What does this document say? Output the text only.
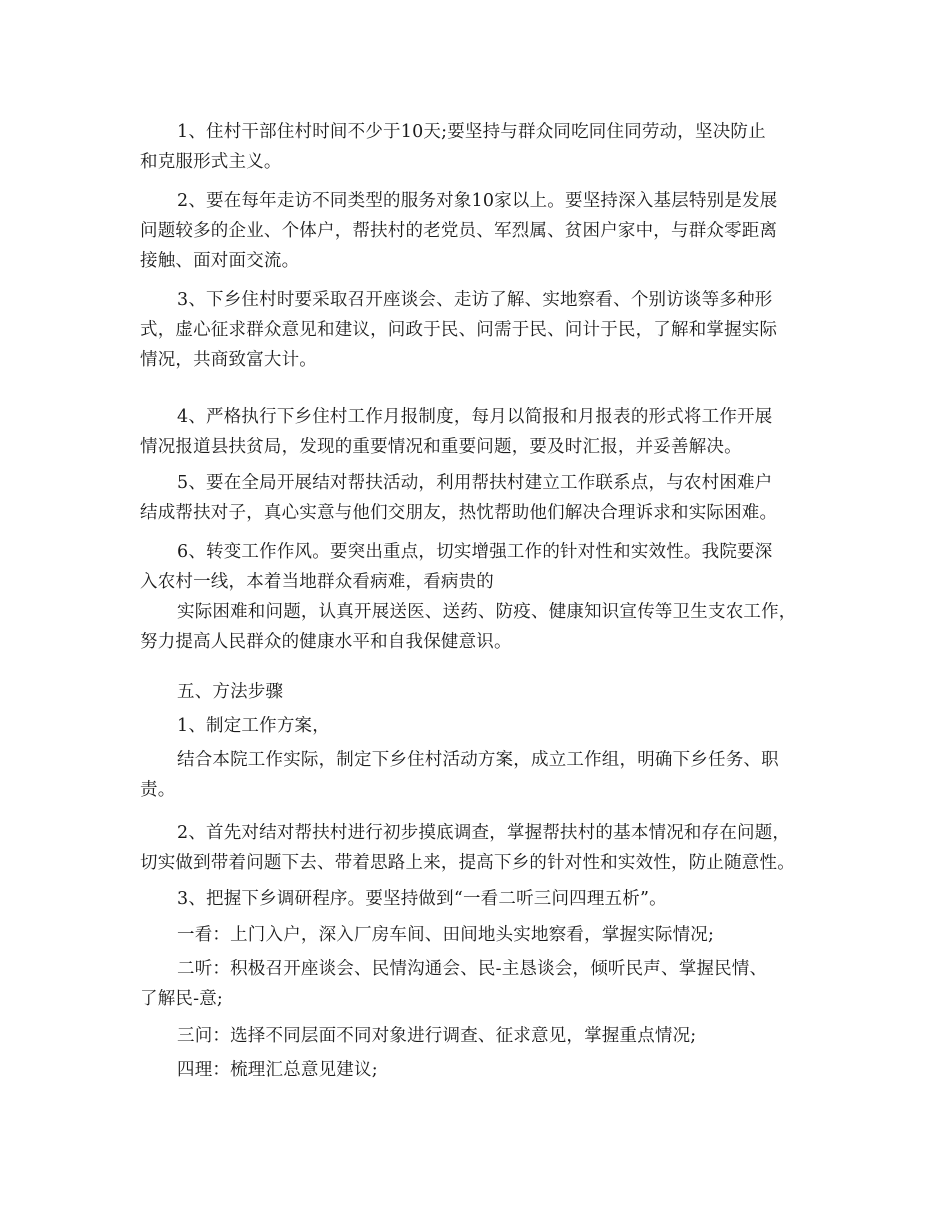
1、住村干部住村时间不少于10天;要坚持与群众同吃同住同劳动，坚决防止
和克服形式主义。
2、要在每年走访不同类型的服务对象10家以上。要坚持深入基层特别是发展
问题较多的企业、个体户，帮扶村的老党员、军烈属、贫困户家中，与群众零距离
接触、面对面交流。
3、下乡住村时要采取召开座谈会、走访了解、实地察看、个别访谈等多种形
式，虚心征求群众意见和建议，问政于民、问需于民、问计于民，了解和掌握实际
情况，共商致富大计。
4、严格执行下乡住村工作月报制度，每月以简报和月报表的形式将工作开展
情况报道县扶贫局，发现的重要情况和重要问题，要及时汇报，并妥善解决。
5、要在全局开展结对帮扶活动，利用帮扶村建立工作联系点，与农村困难户
结成帮扶对子，真心实意与他们交朋友，热忱帮助他们解决合理诉求和实际困难。
6、转变工作作风。要突出重点，切实增强工作的针对性和实效性。我院要深
入农村一线，本着当地群众看病难，看病贵的
实际困难和问题，认真开展送医、送药、防疫、健康知识宣传等卫生支农工作，
努力提高人民群众的健康水平和自我保健意识。
五、方法步骤
1、制定工作方案，
结合本院工作实际，制定下乡住村活动方案，成立工作组，明确下乡任务、职
责。
2、首先对结对帮扶村进行初步摸底调查，掌握帮扶村的基本情况和存在问题，
切实做到带着问题下去、带着思路上来，提高下乡的针对性和实效性，防止随意性。
3、把握下乡调研程序。要坚持做到“一看二听三问四理五析”。
一看：上门入户，深入厂房车间、田间地头实地察看，掌握实际情况;
二听：积极召开座谈会、民情沟通会、民-主恳谈会，倾听民声、掌握民情、
了解民-意;
三问：选择不同层面不同对象进行调查、征求意见，掌握重点情况;
四理：梳理汇总意见建议;
